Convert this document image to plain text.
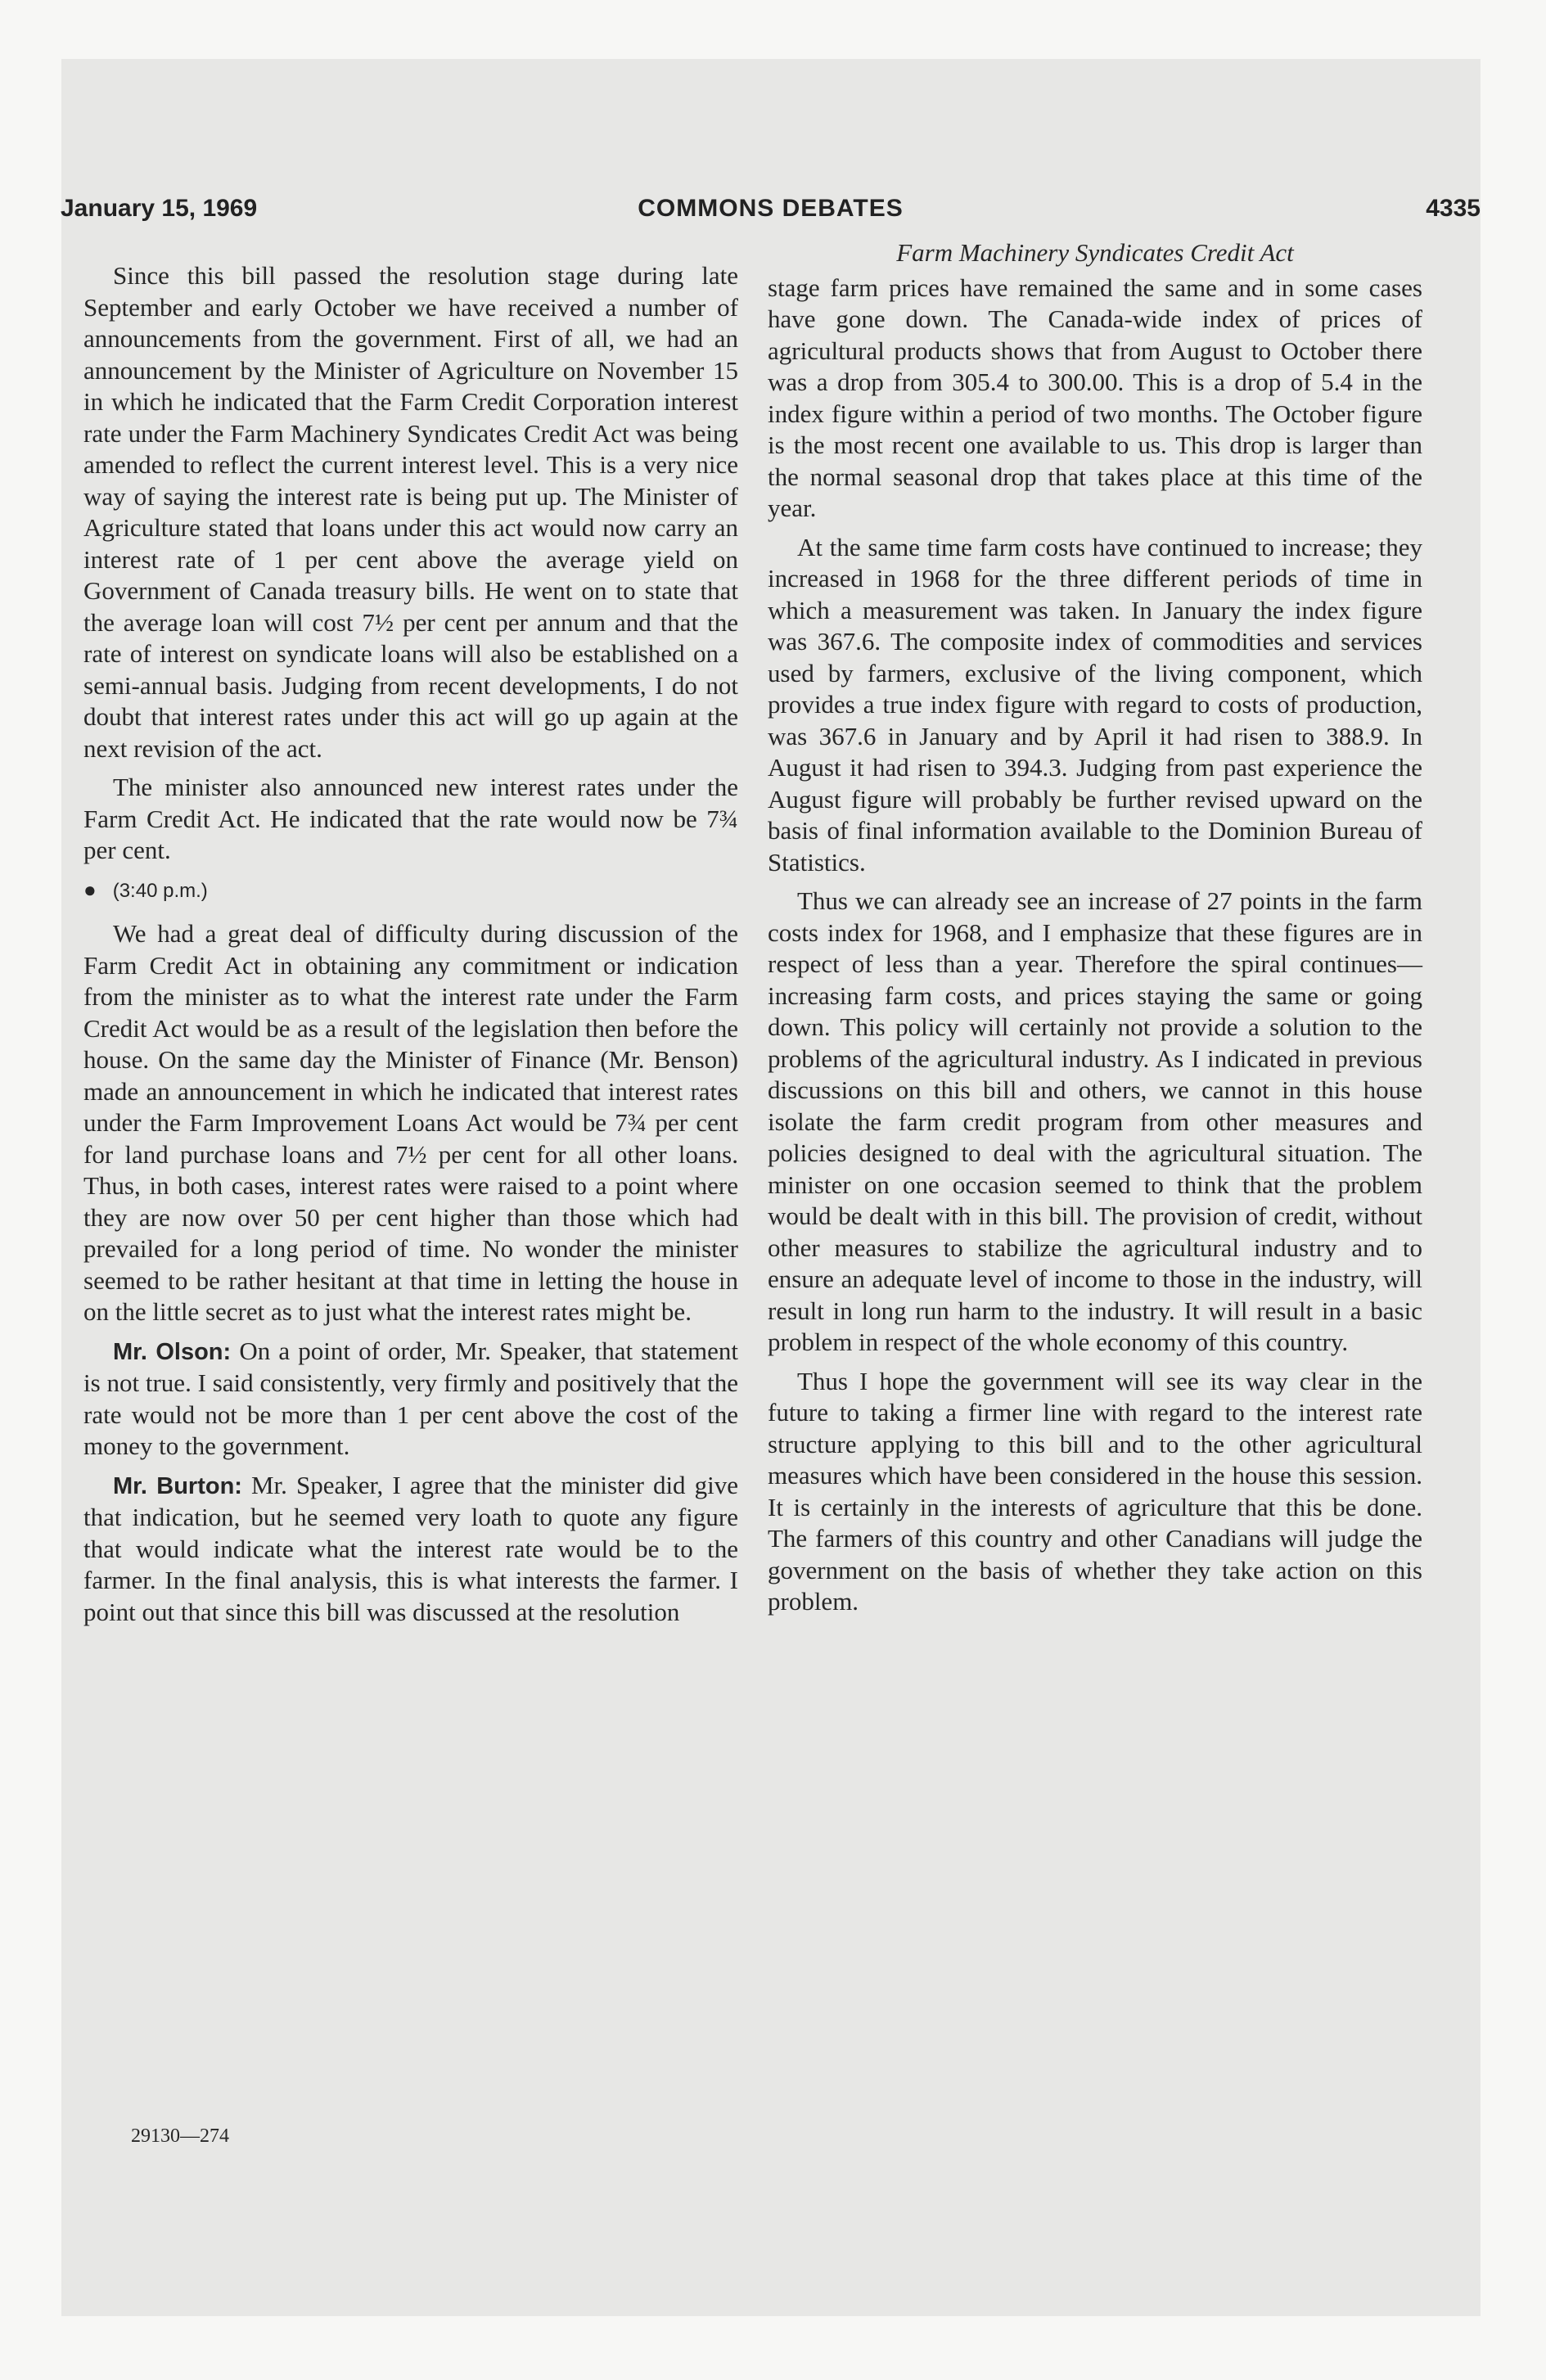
January 15, 1969	COMMONS DEBATES	4335

Since this bill passed the resolution stage during late September and early October we have received a number of announcements from the government. First of all, we had an announcement by the Minister of Agriculture on November 15 in which he indicated that the Farm Credit Corporation interest rate under the Farm Machinery Syndicates Credit Act was being amended to reflect the current interest level. This is a very nice way of saying the interest rate is being put up. The Minister of Agriculture stated that loans under this act would now carry an interest rate of 1 per cent above the average yield on Government of Canada treasury bills. He went on to state that the average loan will cost 7½ per cent per annum and that the rate of interest on syndicate loans will also be established on a semi-annual basis. Judging from recent developments, I do not doubt that interest rates under this act will go up again at the next revision of the act.

The minister also announced new interest rates under the Farm Credit Act. He indicated that the rate would now be 7¾ per cent.

● (3:40 p.m.)

We had a great deal of difficulty during discussion of the Farm Credit Act in obtaining any commitment or indication from the minister as to what the interest rate under the Farm Credit Act would be as a result of the legislation then before the house. On the same day the Minister of Finance (Mr. Benson) made an announcement in which he indicated that interest rates under the Farm Improvement Loans Act would be 7¾ per cent for land purchase loans and 7½ per cent for all other loans. Thus, in both cases, interest rates were raised to a point where they are now over 50 per cent higher than those which had prevailed for a long period of time. No wonder the minister seemed to be rather hesitant at that time in letting the house in on the little secret as to just what the interest rates might be.

Mr. Olson: On a point of order, Mr. Speaker, that statement is not true. I said consistently, very firmly and positively that the rate would not be more than 1 per cent above the cost of the money to the government.

Mr. Burton: Mr. Speaker, I agree that the minister did give that indication, but he seemed very loath to quote any figure that would indicate what the interest rate would be to the farmer. In the final analysis, this is what interests the farmer. I point out that since this bill was discussed at the resolution

Farm Machinery Syndicates Credit Act

stage farm prices have remained the same and in some cases have gone down. The Canada-wide index of prices of agricultural products shows that from August to October there was a drop from 305.4 to 300.00. This is a drop of 5.4 in the index figure within a period of two months. The October figure is the most recent one available to us. This drop is larger than the normal seasonal drop that takes place at this time of the year.

At the same time farm costs have continued to increase; they increased in 1968 for the three different periods of time in which a measurement was taken. In January the index figure was 367.6. The composite index of commodities and services used by farmers, exclusive of the living component, which provides a true index figure with regard to costs of production, was 367.6 in January and by April it had risen to 388.9. In August it had risen to 394.3. Judging from past experience the August figure will probably be further revised upward on the basis of final information available to the Dominion Bureau of Statistics.

Thus we can already see an increase of 27 points in the farm costs index for 1968, and I emphasize that these figures are in respect of less than a year. Therefore the spiral continues—increasing farm costs, and prices staying the same or going down. This policy will certainly not provide a solution to the problems of the agricultural industry. As I indicated in previous discussions on this bill and others, we cannot in this house isolate the farm credit program from other measures and policies designed to deal with the agricultural situation. The minister on one occasion seemed to think that the problem would be dealt with in this bill. The provision of credit, without other measures to stabilize the agricultural industry and to ensure an adequate level of income to those in the industry, will result in long run harm to the industry. It will result in a basic problem in respect of the whole economy of this country.

Thus I hope the government will see its way clear in the future to taking a firmer line with regard to the interest rate structure applying to this bill and to the other agricultural measures which have been considered in the house this session. It is certainly in the interests of agriculture that this be done. The farmers of this country and other Canadians will judge the government on the basis of whether they take action on this problem.

29130—274
